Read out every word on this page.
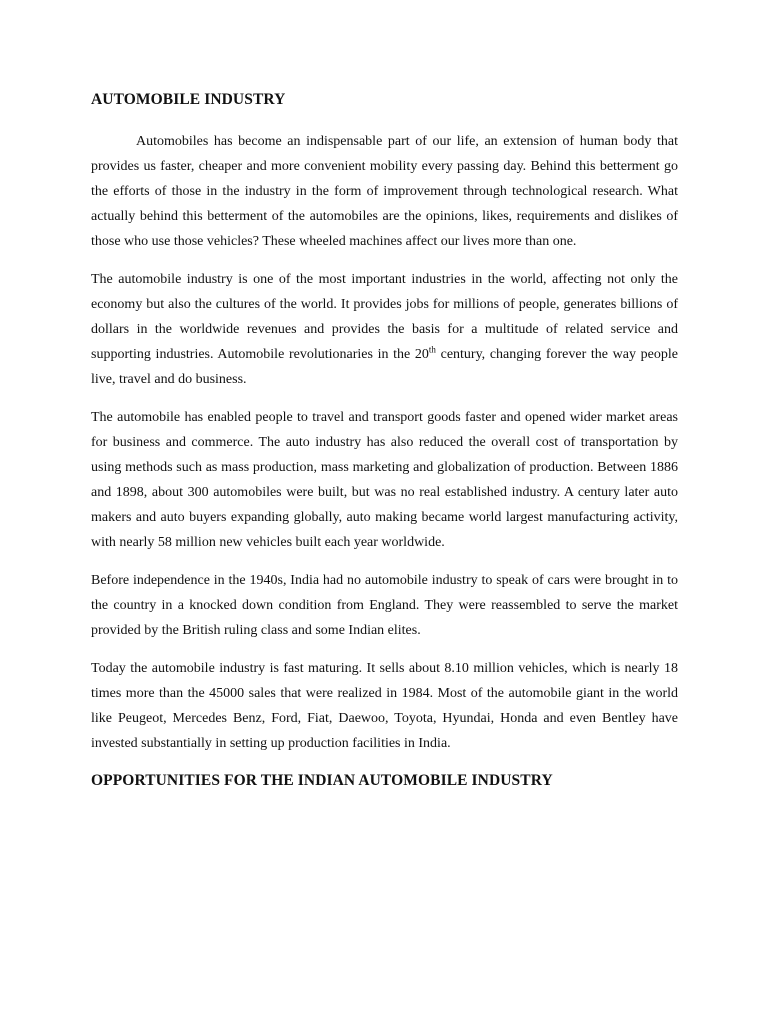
AUTOMOBILE INDUSTRY

Automobiles has become an indispensable part of our life, an extension of human body that provides us faster, cheaper and more convenient mobility every passing day. Behind this betterment go the efforts of those in the industry in the form of improvement through technological research. What actually behind this betterment of the automobiles are the opinions, likes, requirements and dislikes of those who use those vehicles? These wheeled machines affect our lives more than one.

The automobile industry is one of the most important industries in the world, affecting not only the economy but also the cultures of the world. It provides jobs for millions of people, generates billions of dollars in the worldwide revenues and provides the basis for a multitude of related service and supporting industries. Automobile revolutionaries in the 20th century, changing forever the way people live, travel and do business.

The automobile has enabled people to travel and transport goods faster and opened wider market areas for business and commerce. The auto industry has also reduced the overall cost of transportation by using methods such as mass production, mass marketing and globalization of production. Between 1886 and 1898, about 300 automobiles were built, but was no real established industry. A century later auto makers and auto buyers expanding globally, auto making became world largest manufacturing activity, with nearly 58 million new vehicles built each year worldwide.

Before independence in the 1940s, India had no automobile industry to speak of cars were brought in to the country in a knocked down condition from England. They were reassembled to serve the market provided by the British ruling class and some Indian elites.

Today the automobile industry is fast maturing. It sells about 8.10 million vehicles, which is nearly 18 times more than the 45000 sales that were realized in 1984. Most of the automobile giant in the world like Peugeot, Mercedes Benz, Ford, Fiat, Daewoo, Toyota, Hyundai, Honda and even Bentley have invested substantially in setting up production facilities in India.

OPPORTUNITIES FOR THE INDIAN AUTOMOBILE INDUSTRY
